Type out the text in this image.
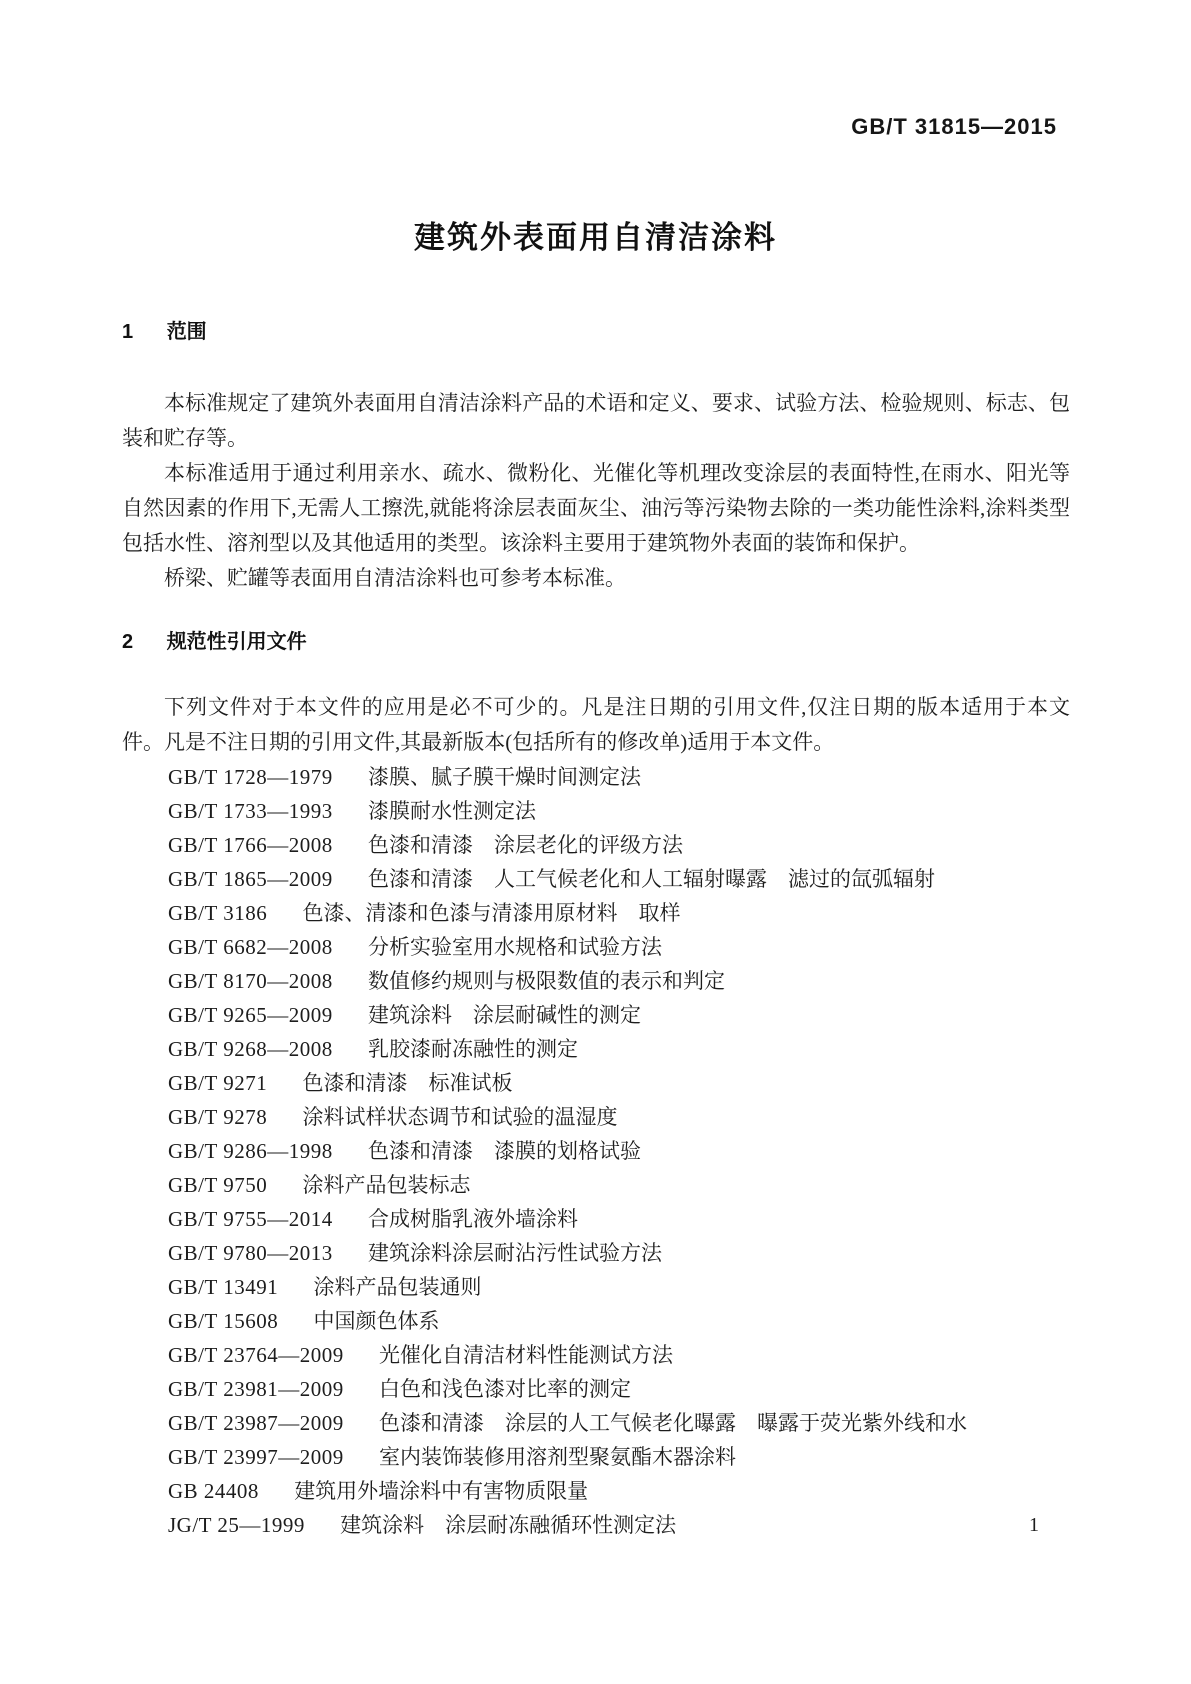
GB/T 31815—2015
建筑外表面用自清洁涂料
1 范围

本标准规定了建筑外表面用自清洁涂料产品的术语和定义、要求、试验方法、检验规则、标志、包装和贮存等。

本标准适用于通过利用亲水、疏水、微粉化、光催化等机理改变涂层的表面特性,在雨水、阳光等自然因素的作用下,无需人工擦洗,就能将涂层表面灰尘、油污等污染物去除的一类功能性涂料,涂料类型包括水性、溶剂型以及其他适用的类型。该涂料主要用于建筑物外表面的装饰和保护。

桥梁、贮罐等表面用自清洁涂料也可参考本标准。

2 规范性引用文件

下列文件对于本文件的应用是必不可少的。凡是注日期的引用文件,仅注日期的版本适用于本文件。凡是不注日期的引用文件,其最新版本(包括所有的修改单)适用于本文件。

GB/T 1728—1979 漆膜、腻子膜干燥时间测定法
GB/T 1733—1993 漆膜耐水性测定法
GB/T 1766—2008 色漆和清漆　涂层老化的评级方法
GB/T 1865—2009 色漆和清漆　人工气候老化和人工辐射曝露　滤过的氙弧辐射
GB/T 3186 色漆、清漆和色漆与清漆用原材料　取样
GB/T 6682—2008 分析实验室用水规格和试验方法
GB/T 8170—2008 数值修约规则与极限数值的表示和判定
GB/T 9265—2009 建筑涂料　涂层耐碱性的测定
GB/T 9268—2008 乳胶漆耐冻融性的测定
GB/T 9271 色漆和清漆　标准试板
GB/T 9278 涂料试样状态调节和试验的温湿度
GB/T 9286—1998 色漆和清漆　漆膜的划格试验
GB/T 9750 涂料产品包装标志
GB/T 9755—2014 合成树脂乳液外墙涂料
GB/T 9780—2013 建筑涂料涂层耐沾污性试验方法
GB/T 13491 涂料产品包装通则
GB/T 15608 中国颜色体系
GB/T 23764—2009 光催化自清洁材料性能测试方法
GB/T 23981—2009 白色和浅色漆对比率的测定
GB/T 23987—2009 色漆和清漆　涂层的人工气候老化曝露　曝露于荧光紫外线和水
GB/T 23997—2009 室内装饰装修用溶剂型聚氨酯木器涂料
GB 24408 建筑用外墙涂料中有害物质限量
JG/T 25—1999 建筑涂料　涂层耐冻融循环性测定法	1
